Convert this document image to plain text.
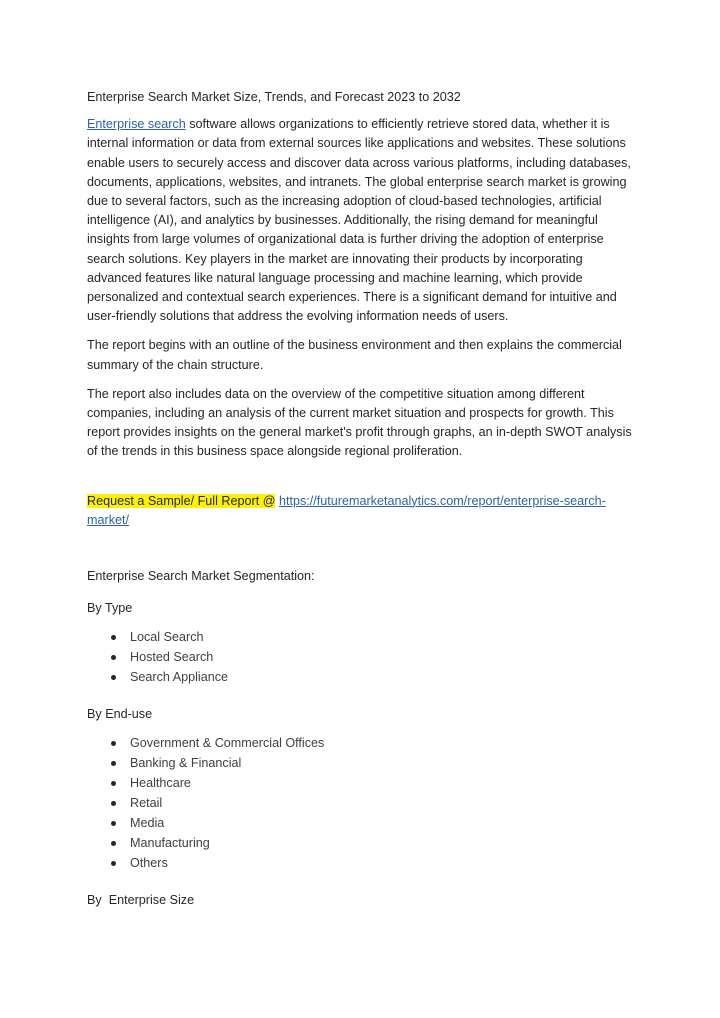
Enterprise Search Market Size, Trends, and Forecast 2023 to 2032

Enterprise search software allows organizations to efficiently retrieve stored data, whether it is internal information or data from external sources like applications and websites. These solutions enable users to securely access and discover data across various platforms, including databases, documents, applications, websites, and intranets. The global enterprise search market is growing due to several factors, such as the increasing adoption of cloud-based technologies, artificial intelligence (AI), and analytics by businesses. Additionally, the rising demand for meaningful insights from large volumes of organizational data is further driving the adoption of enterprise search solutions. Key players in the market are innovating their products by incorporating advanced features like natural language processing and machine learning, which provide personalized and contextual search experiences. There is a significant demand for intuitive and user-friendly solutions that address the evolving information needs of users.

The report begins with an outline of the business environment and then explains the commercial summary of the chain structure.

The report also includes data on the overview of the competitive situation among different companies, including an analysis of the current market situation and prospects for growth. This report provides insights on the general market's profit through graphs, an in-depth SWOT analysis of the trends in this business space alongside regional proliferation.

Request a Sample/ Full Report @ https://futuremarketanalytics.com/report/enterprise-search-market/

Enterprise Search Market Segmentation:

By Type

Local Search
Hosted Search
Search Appliance

By End-use

Government & Commercial Offices
Banking & Financial
Healthcare
Retail
Media
Manufacturing
Others

By  Enterprise Size
